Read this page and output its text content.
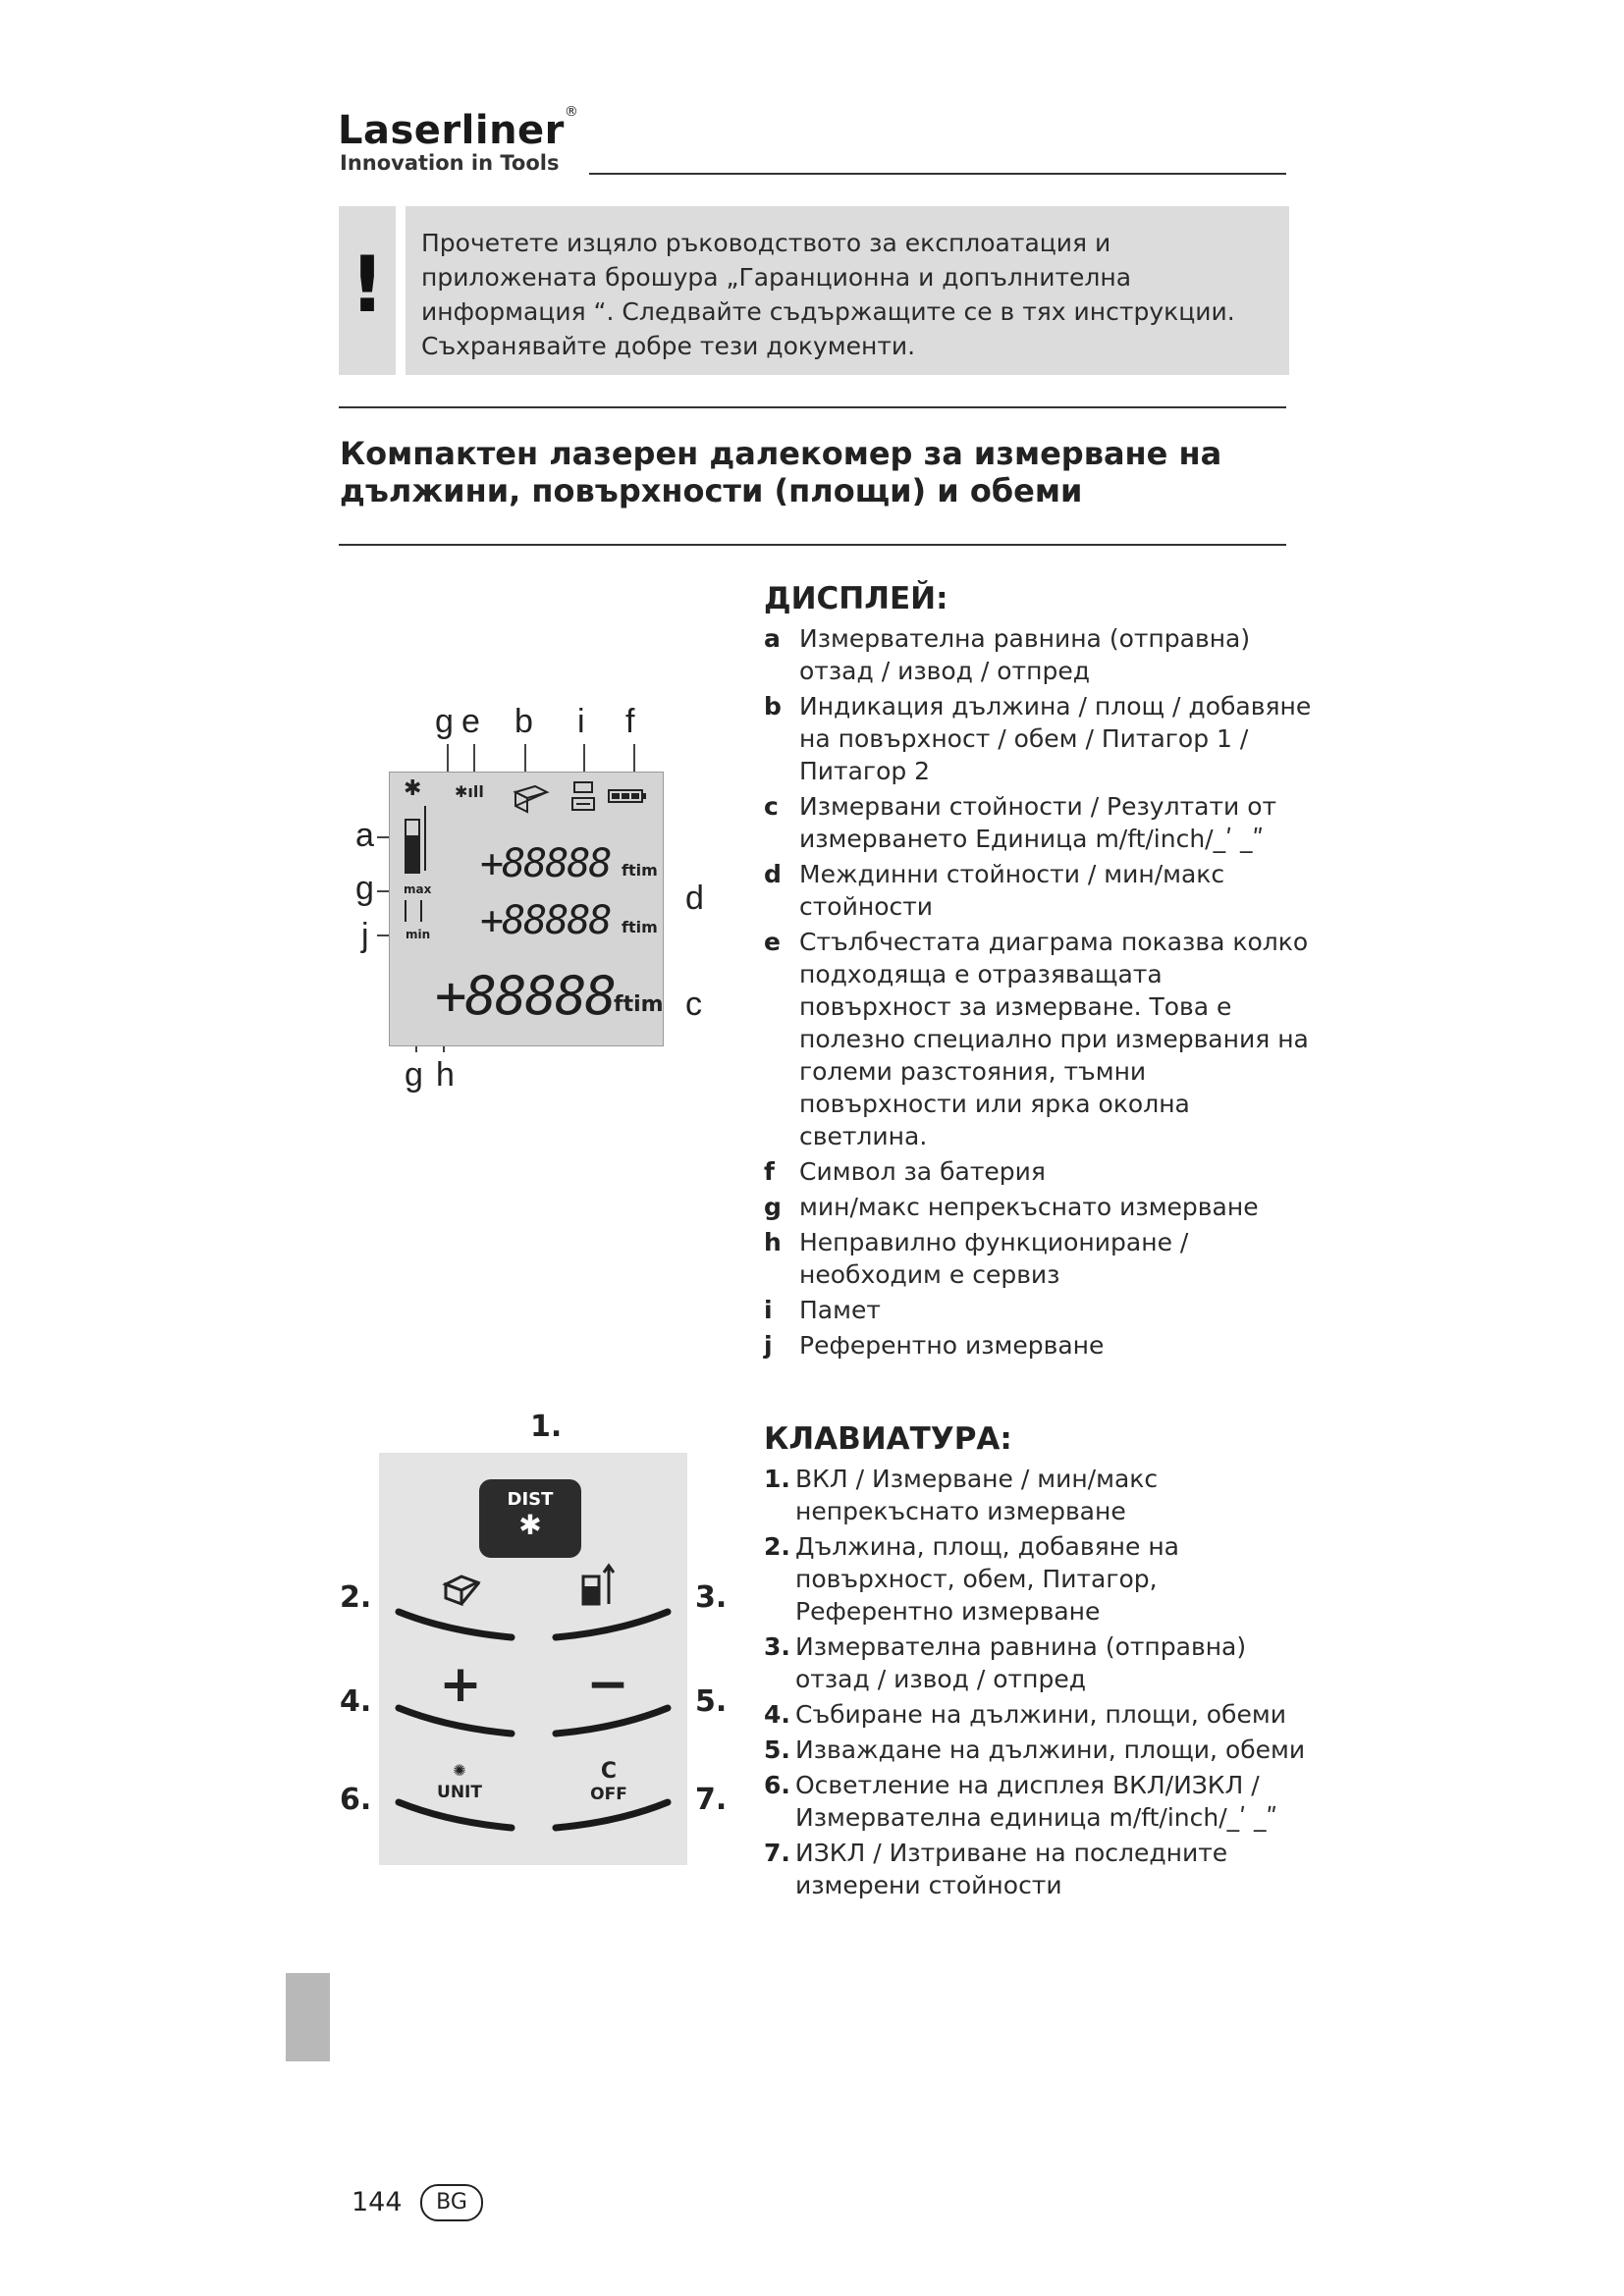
Laserliner®
Innovation in Tools
!	Прочетете изцяло ръководството за експлоатация и приложената брошура „Гаранционна и допълнителна информация “. Следвайте съдържащите се в тях инструкции. Съхранявайте добре тези документи.
Компактен лазерен далекомер за измерване на дължини, повърхности (площи) и обеми
ДИСПЛЕЙ:
a Измервателна равнина (отправна) отзад / извод / отпред
b Индикация дължина / площ / добавяне на повърхност / обем / Питагор 1 / Питагор 2
c Измервани стойности / Резултати от измерването Единица m/ft/inch/_ʹ _ʺ
d Междинни стойности / мин/макс стойности
e Стълбчестата диаграма показва колко подходяща е отразяващата повърхност за измерване. Това е полезно специално при измервания на големи разстояния, тъмни повърхности или ярка околна светлина.
f Символ за батерия
g мин/макс непрекъснато измерване
h Неправилно функциониране / необходим е сервиз
i Памет
j Референтно измерване
g e b i f
a
g
j
d
c
g h
✱ ✱ıll
max
min
+88888 ftim
+88888 ftim
+88888
ftim
КЛАВИАТУРА:
1. ВКЛ / Измерване / мин/макс непрекъснато измерване
2. Дължина, площ, добавяне на повърхност, обем, Питагор, Референтно измерване
3. Измервателна равнина (отправна) отзад / извод / отпред
4. Събиране на дължини, площи, обеми
5. Изваждане на дължини, площи, обеми
6. Осветление на дисплея ВКЛ/ИЗКЛ / Измервателна единица m/ft/inch/_ʹ _ʺ
7. ИЗКЛ / Изтриване на последните измерени стойности
1.
DIST
✱
2.	3.
4.	5.
6.	7.
+ −
✺
UNIT
C
OFF
144	BG
